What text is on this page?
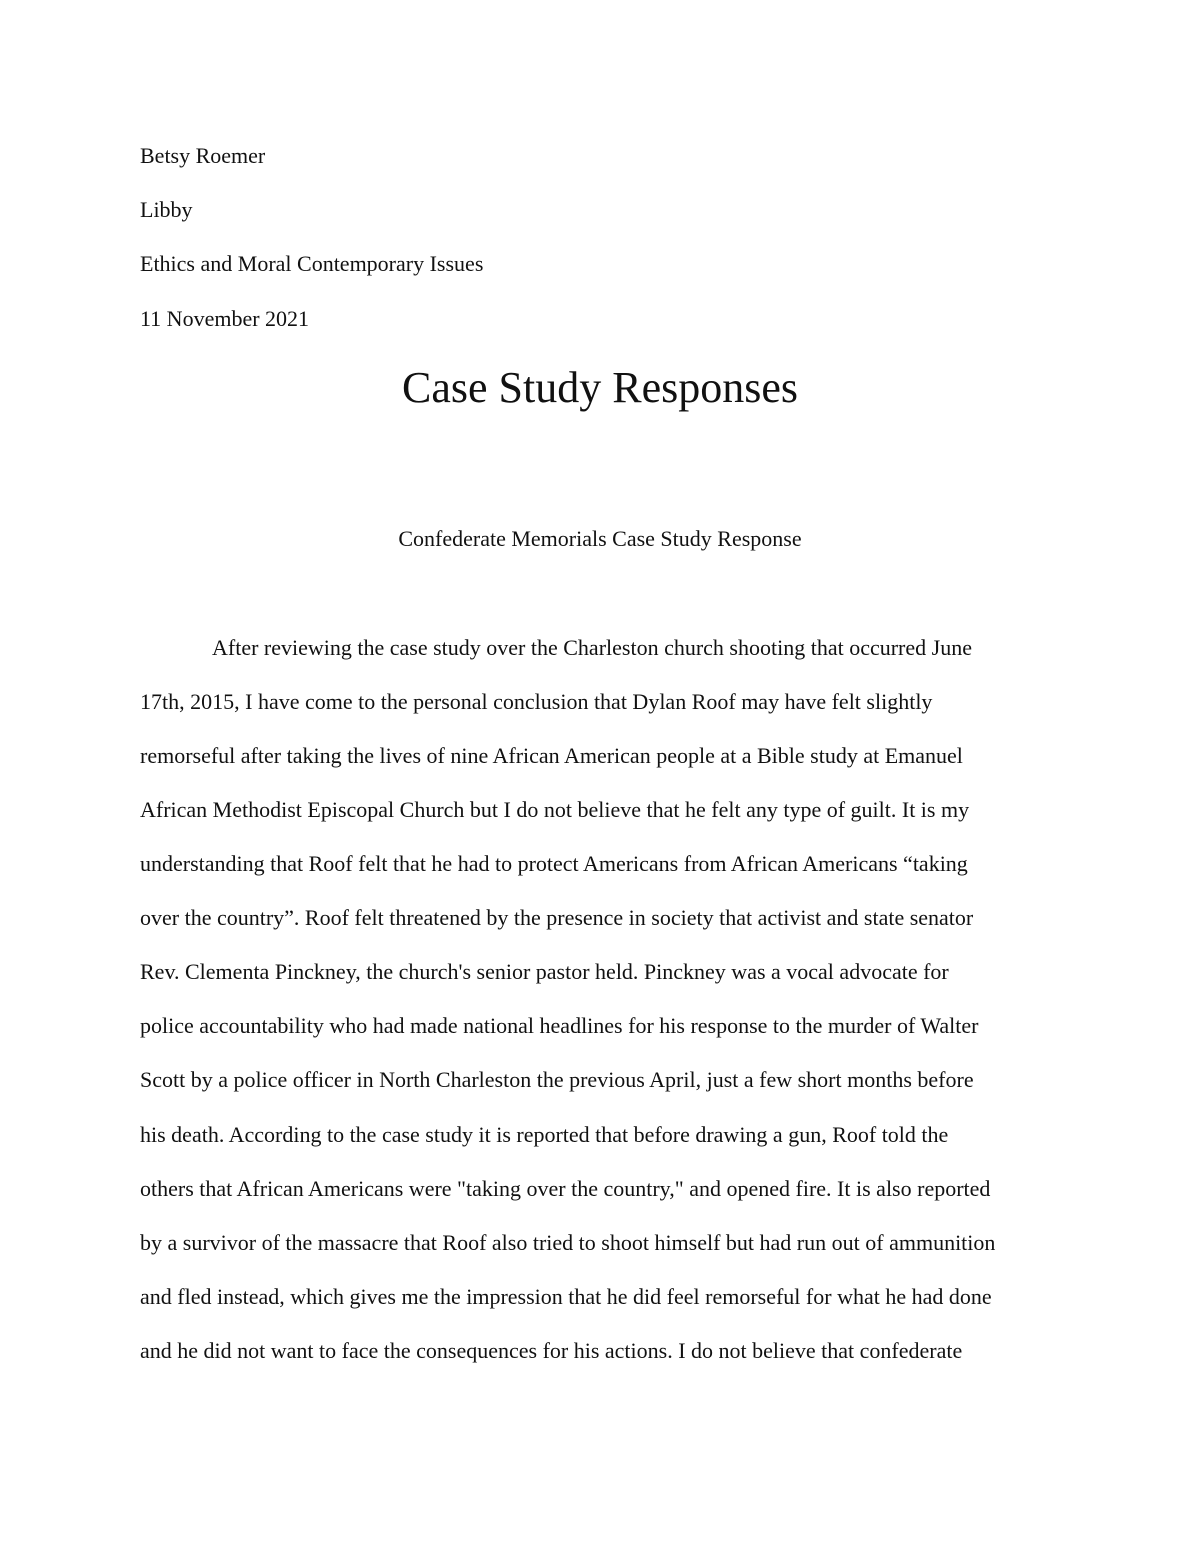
Betsy Roemer
Libby
Ethics and Moral Contemporary Issues
11 November 2021
Case Study Responses
Confederate Memorials Case Study Response
After reviewing the case study over the Charleston church shooting that occurred June
17th, 2015, I have come to the personal conclusion that Dylan Roof may have felt slightly
remorseful after taking the lives of nine African American people at a Bible study at Emanuel
African Methodist Episcopal Church but I do not believe that he felt any type of guilt. It is my
understanding that Roof felt that he had to protect Americans from African Americans “taking
over the country”. Roof felt threatened by the presence in society that activist and state senator
Rev. Clementa Pinckney, the church's senior pastor held. Pinckney was a vocal advocate for
police accountability who had made national headlines for his response to the murder of Walter
Scott by a police officer in North Charleston the previous April, just a few short months before
his death. According to the case study it is reported that before drawing a gun, Roof told the
others that African Americans were "taking over the country," and opened fire. It is also reported
by a survivor of the massacre that Roof also tried to shoot himself but had run out of ammunition
and fled instead, which gives me the impression that he did feel remorseful for what he had done
and he did not want to face the consequences for his actions. I do not believe that confederate
